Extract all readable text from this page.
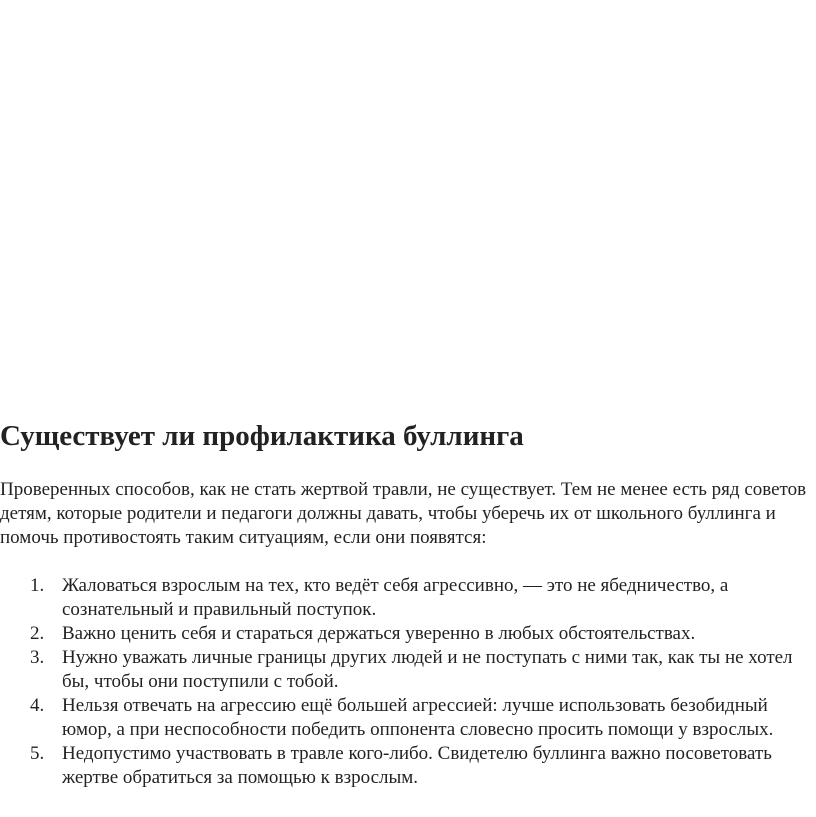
Существует ли профилактика буллинга

Проверенных способов, как не стать жертвой травли, не существует. Тем не менее есть ряд советов детям, которые родители и педагоги должны давать, чтобы уберечь их от школьного буллинга и помочь противостоять таким ситуациям, если они появятся:

1. Жаловаться взрослым на тех, кто ведёт себя агрессивно, — это не ябедничество, а сознательный и правильный поступок.
2. Важно ценить себя и стараться держаться уверенно в любых обстоятельствах.
3. Нужно уважать личные границы других людей и не поступать с ними так, как ты не хотел бы, чтобы они поступили с тобой.
4. Нельзя отвечать на агрессию ещё большей агрессией: лучше использовать безобидный юмор, а при неспособности победить оппонента словесно просить помощи у взрослых.
5. Недопустимо участвовать в травле кого-либо. Свидетелю буллинга важно посоветовать жертве обратиться за помощью к взрослым.
